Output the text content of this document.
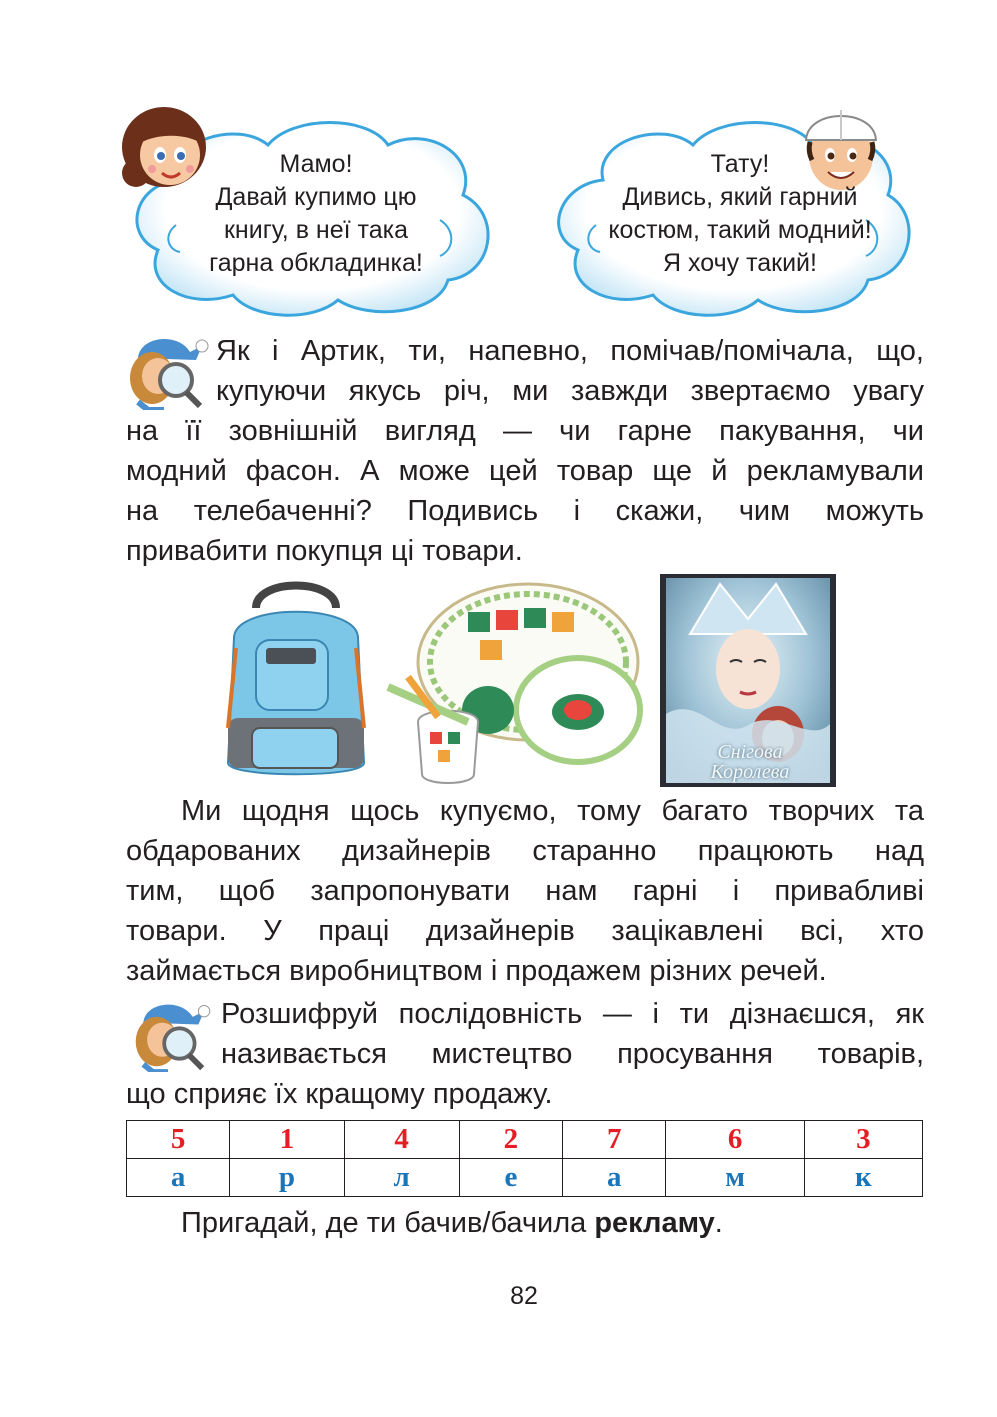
Мамо!
Давай купимо цю
книгу, в неї така
гарна обкладинка!
Тату!
Дивись, який гарний
костюм, такий модний!
Я хочу такий!
Як і Артик, ти, напевно, помічав/помічала, що,
купуючи якусь річ, ми завжди звертаємо увагу
на її зовнішній вигляд — чи гарне пакування, чи
модний фасон. А може цей товар ще й рекламували
на телебаченні? Подивись і скажи, чим можуть
привабити покупця ці товари.
Снігова Королева
Ми щодня щось купуємо, тому багато творчих та
обдарованих дизайнерів старанно працюють над
тим, щоб запропонувати нам гарні і привабливі
товари. У праці дизайнерів зацікавлені всі, хто
займається виробництвом і продажем різних речей.
Розшифруй послідовність — і ти дізнаєшся, як
називається мистецтво просування товарів,
що сприяє їх кращому продажу.
5	1	4	2	7	6	3
а	р	л	е	а	м	к
Пригадай, де ти бачив/бачила рекламу.
82
